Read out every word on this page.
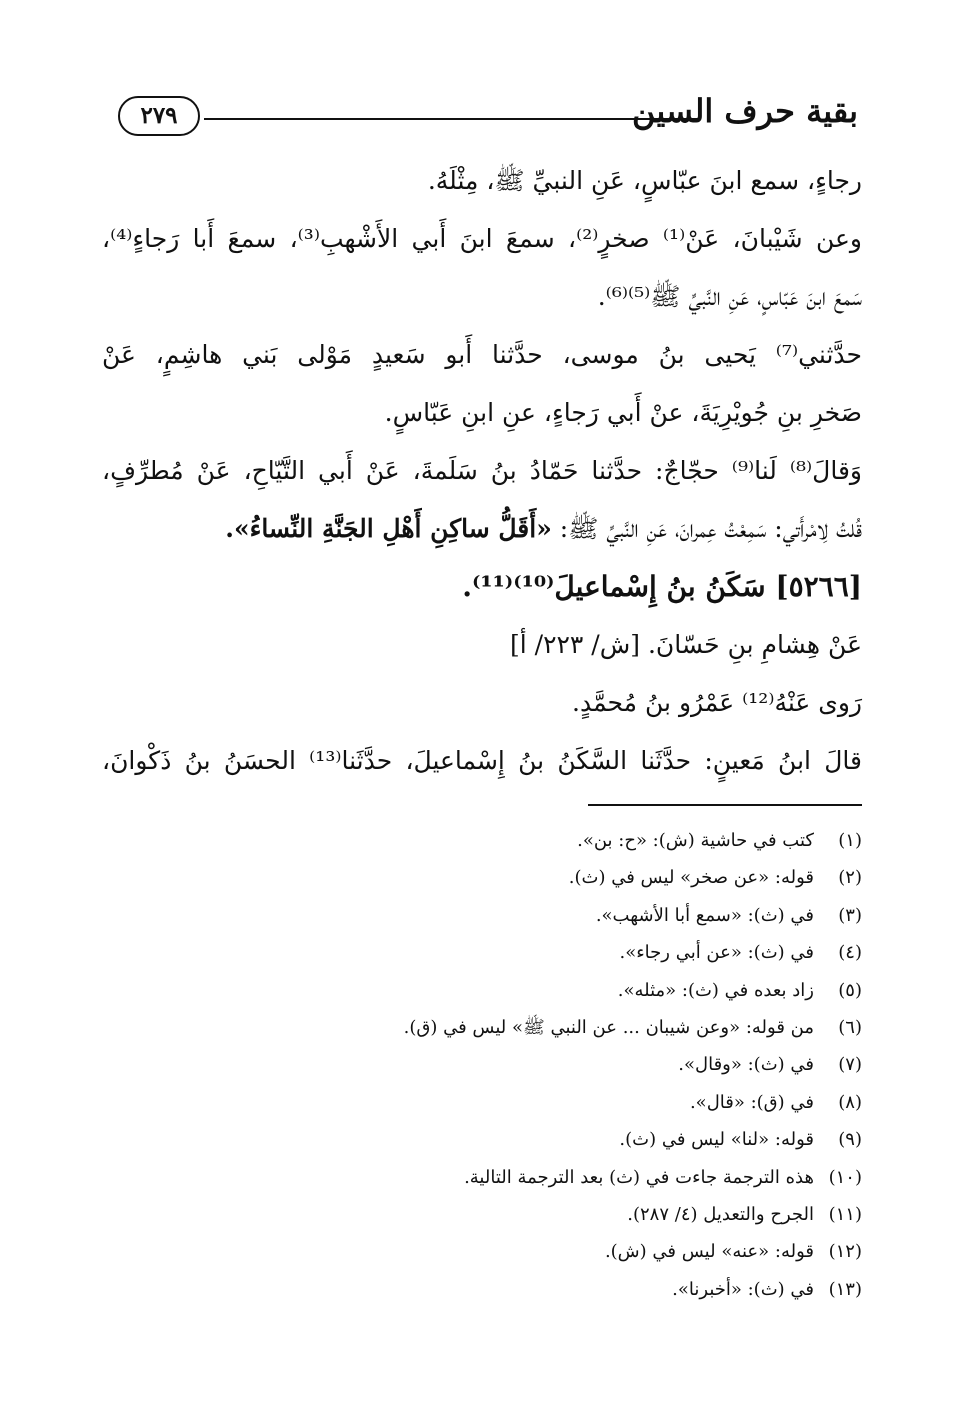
بقية حرف السين
٢٧٩
رجاءٍ، سمع ابنَ عبّاسٍ، عَنِ النبيِّ ﷺ، مِثْلَهُ.
وعن شَيْبانَ، عَنْ⁽¹⁾ صخرٍ⁽²⁾، سمعَ ابنَ أَبي الأَشْهبِ⁽³⁾، سمعَ أَبا رَجاءٍ⁽⁴⁾،
سَمعَ ابنَ عَبّاسٍ، عَنِ النَّبيِّ ﷺ⁽⁵⁾⁽⁶⁾.
حدَّثني⁽⁷⁾ يَحيى بنُ موسى، حدَّثنا أَبو سَعيدٍ مَوْلى بَني هاشِمٍ، عَنْ
صَخرِ بنِ جُويْرِيَةَ، عنْ أَبي رَجاءٍ، عنِ ابنِ عَبّاسٍ.
وَقالَ⁽⁸⁾ لَنا⁽⁹⁾ حجّاجٌ: حدَّثنا حَمّادُ بنُ سَلَمةَ، عَنْ أَبي التَّيّاحِ، عَنْ مُطرِّفٍ،
قُلتُ لِامْرأَتي: سَمِعْتُ عِمرانَ، عَنِ النَّبيِّ ﷺ: «أَقَلُّ ساكِنِ أَهْلِ الجَنَّةِ النِّساءُ».
[٥٢٦٦] سَكَنُ بنُ إِسْماعيلَ⁽¹⁰⁾⁽¹¹⁾.
عَنْ هِشامِ بنِ حَسّانَ. [ش/ ٢٢٣/ أ]
رَوى عَنْهُ⁽¹²⁾ عَمْرُو بنُ مُحمَّدٍ.
قالَ ابنُ مَعينٍ: حدَّثَنا السَّكَنُ بنُ إِسْماعيلَ، حدَّثَنا⁽¹³⁾ الحسَنُ بنُ ذَكْوانَ،
(١)كتب في حاشية (ش): «ح: بن».
(٢)قوله: «عن صخر» ليس في (ث).
(٣)في (ث): «سمع أبا الأشهب».
(٤)في (ث): «عن أبي رجاء».
(٥)زاد بعده في (ث): «مثله».
(٦)من قوله: «وعن شيبان ... عن النبي ﷺ» ليس في (ق).
(٧)في (ث): «وقال».
(٨)في (ق): «قال».
(٩)قوله: «لنا» ليس في (ث).
(١٠)هذه الترجمة جاءت في (ث) بعد الترجمة التالية.
(١١)الجرح والتعديل (٤/ ٢٨٧).
(١٢)قوله: «عنه» ليس في (ش).
(١٣)في (ث): «أخبرنا».
